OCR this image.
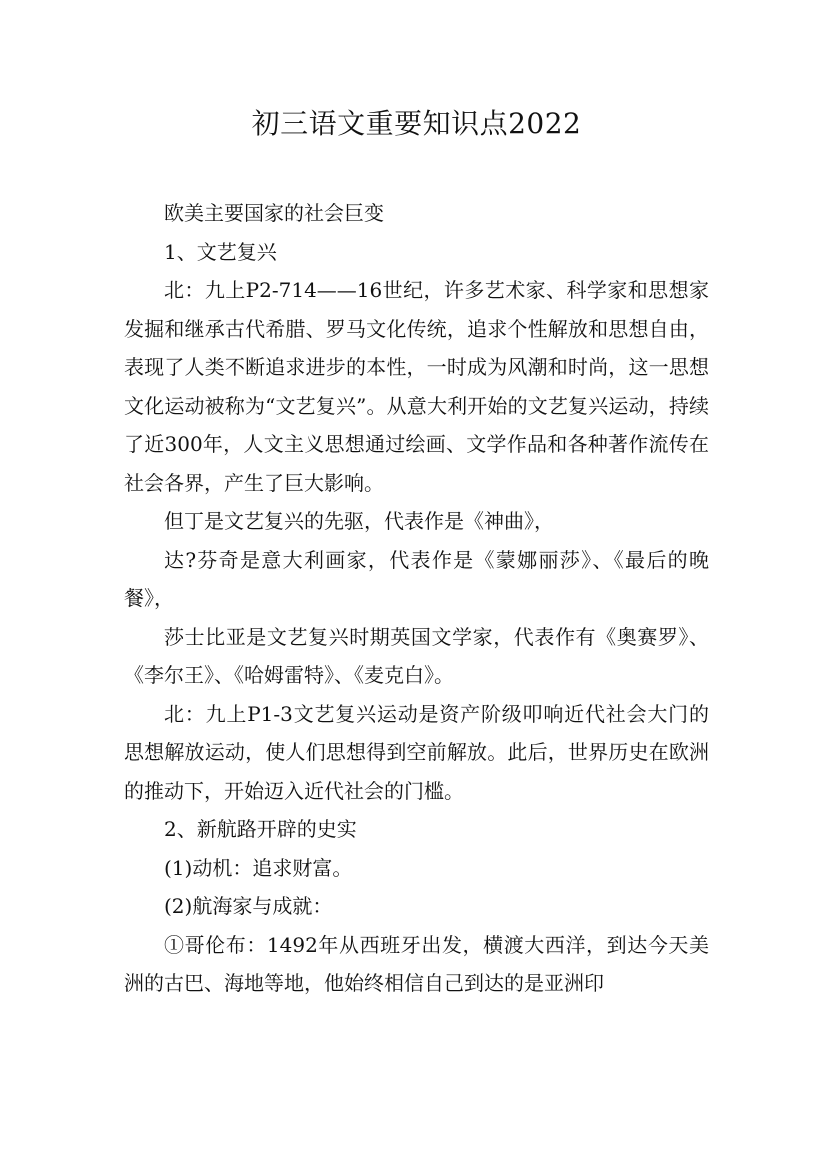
初三语文重要知识点2022

欧美主要国家的社会巨变

1、文艺复兴

北：九上P2-714——16世纪，许多艺术家、科学家和思想家发掘和继承古代希腊、罗马文化传统，追求个性解放和思想自由，表现了人类不断追求进步的本性，一时成为风潮和时尚，这一思想文化运动被称为“文艺复兴”。从意大利开始的文艺复兴运动，持续了近300年，人文主义思想通过绘画、文学作品和各种著作流传在社会各界，产生了巨大影响。

但丁是文艺复兴的先驱，代表作是《神曲》，

达?芬奇是意大利画家，代表作是《蒙娜丽莎》、《最后的晚餐》，

莎士比亚是文艺复兴时期英国文学家，代表作有《奥赛罗》、《李尔王》、《哈姆雷特》、《麦克白》。

北：九上P1-3文艺复兴运动是资产阶级叩响近代社会大门的思想解放运动，使人们思想得到空前解放。此后，世界历史在欧洲的推动下，开始迈入近代社会的门槛。

2、新航路开辟的史实

(1)动机：追求财富。

(2)航海家与成就：

①哥伦布：1492年从西班牙出发，横渡大西洋，到达今天美洲的古巴、海地等地，他始终相信自己到达的是亚洲印
